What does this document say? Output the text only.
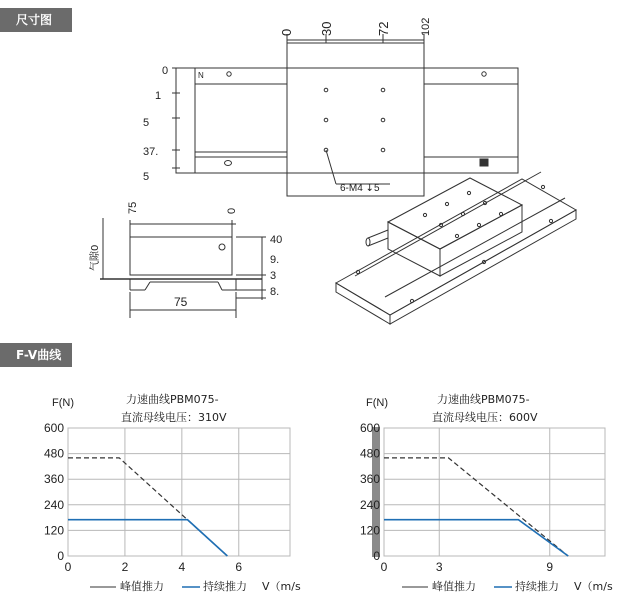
尺寸图
F-V曲线
0 30	72	102
0
1
5
37.
5
N
6-M4 ↧5
75	0
气隙0
40
9.
3
8.
75
F(N)	力速曲线PBM075-
直流母线电压：310V
0
120
240
360
480
600
0	2	4	6
F(N)	力速曲线PBM075-
直流母线电压：600V
0
120
240
360
480
600
0	3	9
峰值推力	持续推力 V（m/s	峰值推力	持续推力 V（m/s
